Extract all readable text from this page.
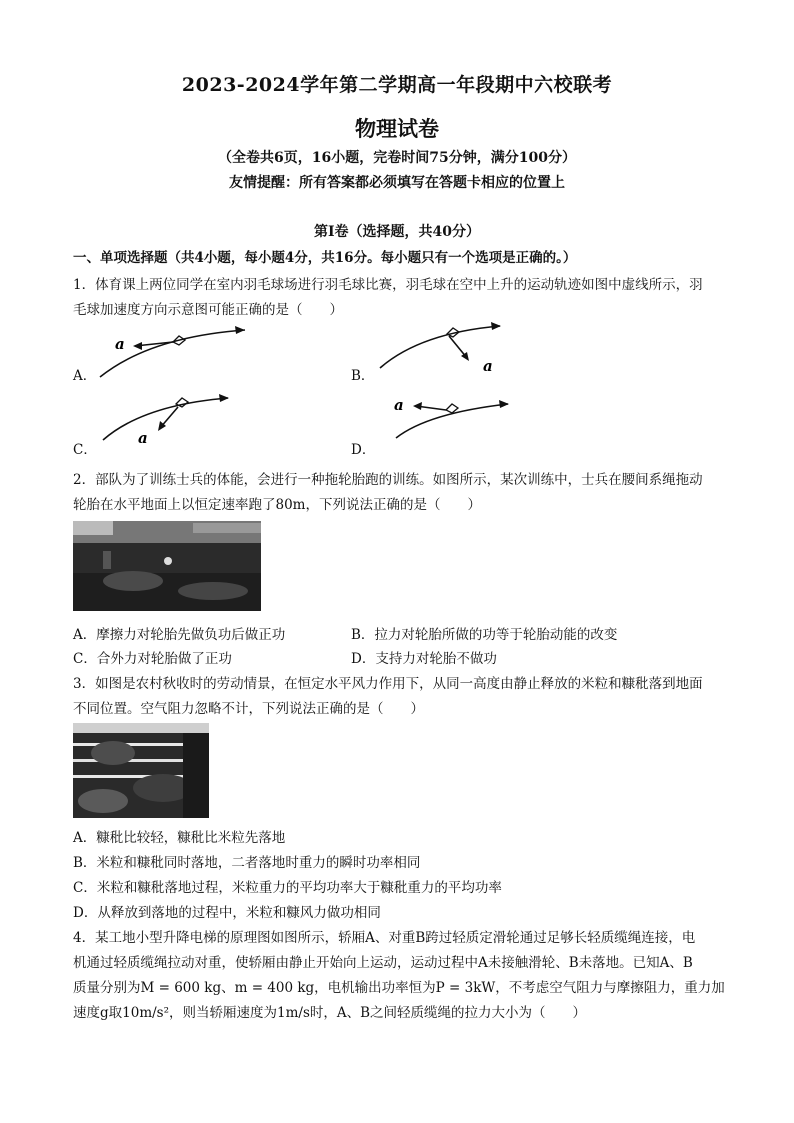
2023-2024学年第二学期高一年段期中六校联考
物理试卷
（全卷共6页，16小题，完卷时间75分钟，满分100分）
友情提醒：所有答案都必须填写在答题卡相应的位置上
第Ⅰ卷（选择题，共40分）
一、单项选择题（共4小题，每小题4分，共16分。每小题只有一个选项是正确的。）
1．体育课上两位同学在室内羽毛球场进行羽毛球比赛，羽毛球在空中上升的运动轨迹如图中虚线所示，羽
毛球加速度方向示意图可能正确的是（　　）
A．
a
B．
a
C．
a
D．
a
2．部队为了训练士兵的体能，会进行一种拖轮胎跑的训练。如图所示，某次训练中，士兵在腰间系绳拖动
轮胎在水平地面上以恒定速率跑了80m，下列说法正确的是（　　）
A．摩擦力对轮胎先做负功后做正功	B．拉力对轮胎所做的功等于轮胎动能的改变
C．合外力对轮胎做了正功	D．支持力对轮胎不做功
3．如图是农村秋收时的劳动情景，在恒定水平风力作用下，从同一高度由静止释放的米粒和糠秕落到地面
不同位置。空气阻力忽略不计，下列说法正确的是（　　）
A．糠秕比较轻，糠秕比米粒先落地
B．米粒和糠秕同时落地，二者落地时重力的瞬时功率相同
C．米粒和糠秕落地过程，米粒重力的平均功率大于糠秕重力的平均功率
D．从释放到落地的过程中，米粒和糠风力做功相同
4．某工地小型升降电梯的原理图如图所示，轿厢A、对重B跨过轻质定滑轮通过足够长轻质缆绳连接，电
机通过轻质缆绳拉动对重，使轿厢由静止开始向上运动，运动过程中A未接触滑轮、B未落地。已知A、B
质量分别为M = 600 kg、m = 400 kg，电机输出功率恒为P = 3kW，不考虑空气阻力与摩擦阻力，重力加
速度g取10m/s²，则当轿厢速度为1m/s时，A、B之间轻质缆绳的拉力大小为（　　）
